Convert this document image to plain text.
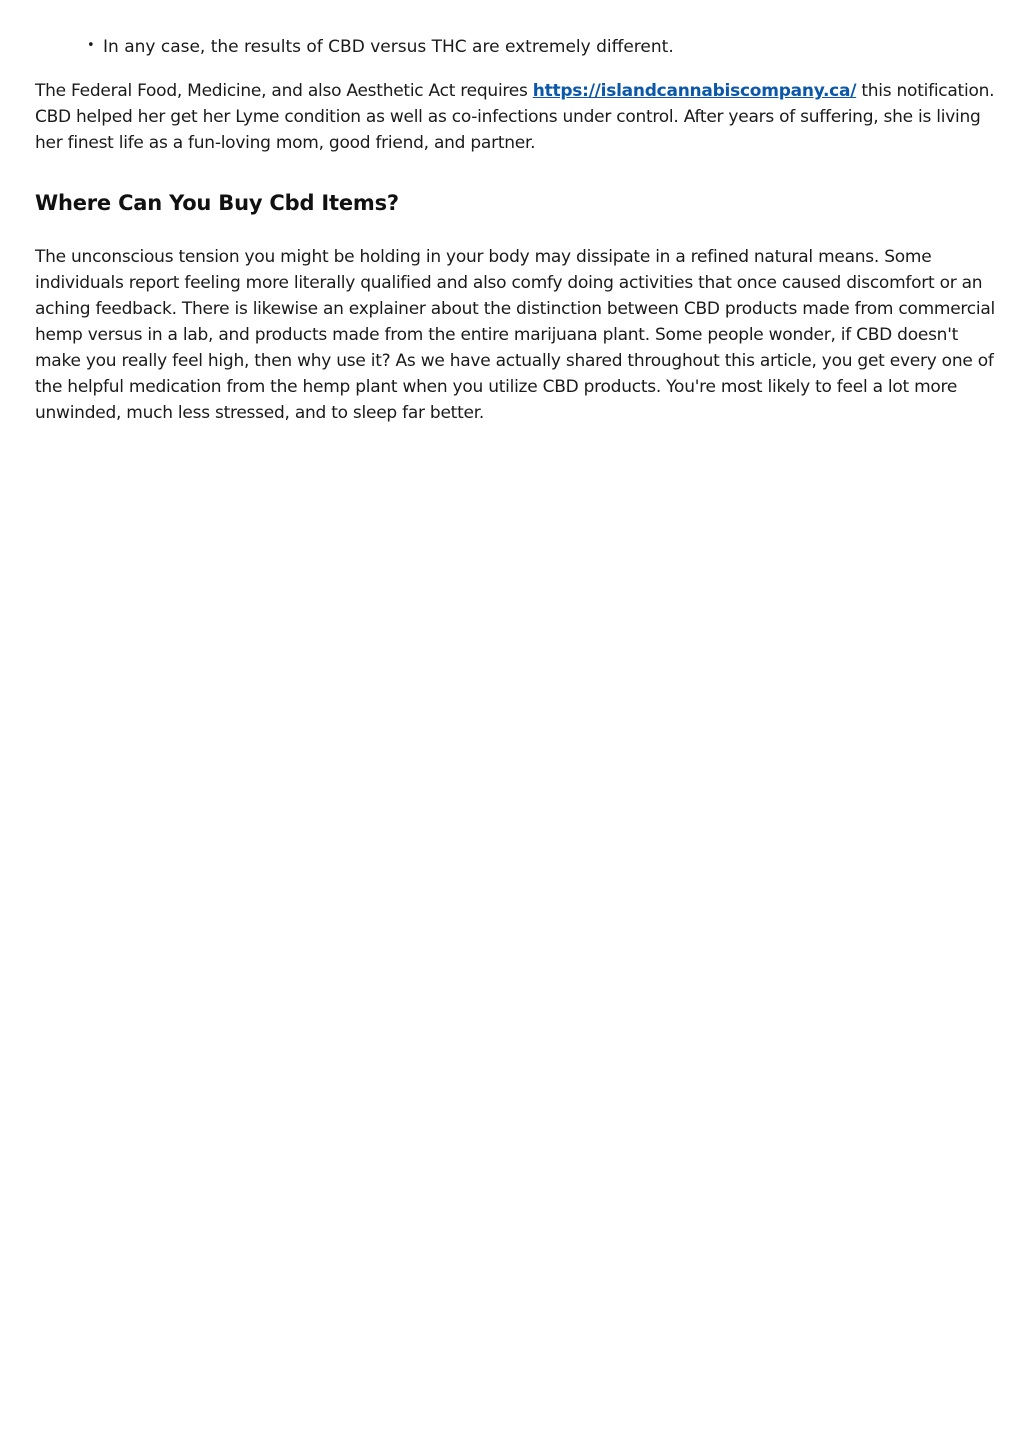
• In any case, the results of CBD versus THC are extremely different.

The Federal Food, Medicine, and also Aesthetic Act requires https://islandcannabiscompany.ca/ this notification. CBD helped her get her Lyme condition as well as co-infections under control. After years of suffering, she is living her finest life as a fun-loving mom, good friend, and partner.

Where Can You Buy Cbd Items?

The unconscious tension you might be holding in your body may dissipate in a refined natural means. Some individuals report feeling more literally qualified and also comfy doing activities that once caused discomfort or an aching feedback. There is likewise an explainer about the distinction between CBD products made from commercial hemp versus in a lab, and products made from the entire marijuana plant. Some people wonder, if CBD doesn't make you really feel high, then why use it? As we have actually shared throughout this article, you get every one of the helpful medication from the hemp plant when you utilize CBD products. You're most likely to feel a lot more unwinded, much less stressed, and to sleep far better.
